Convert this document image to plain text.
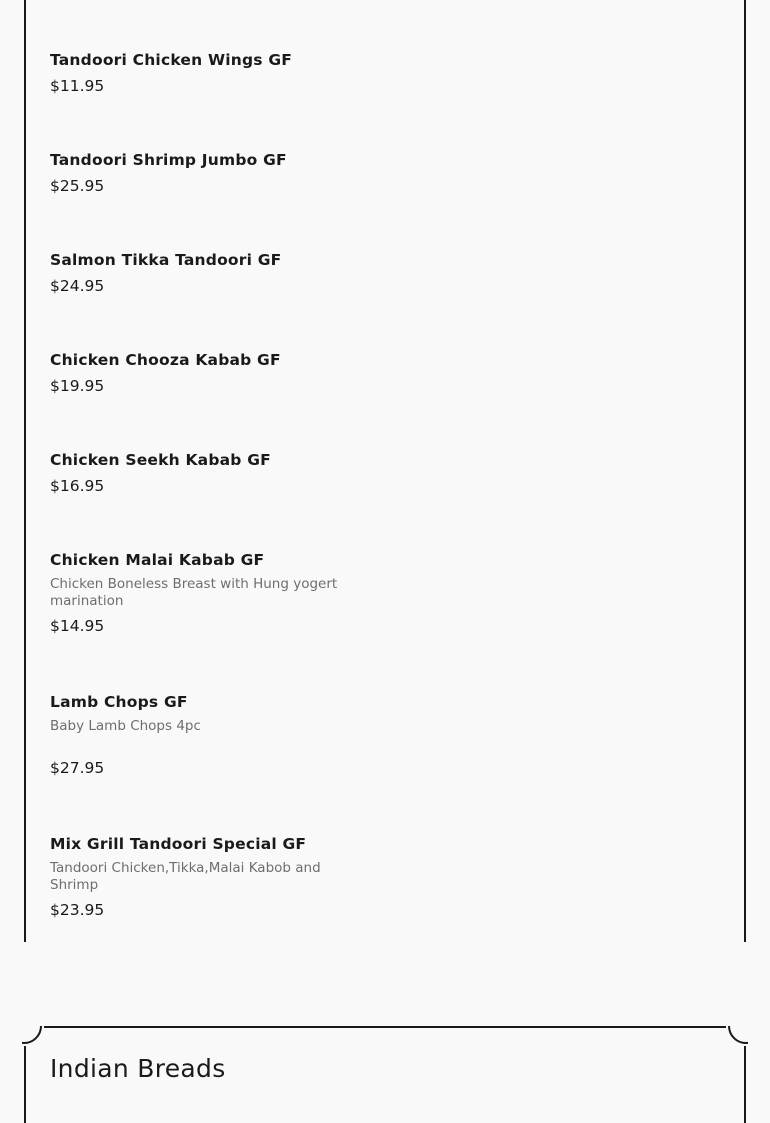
Tandoori Chicken Wings GF
$11.95
Tandoori Shrimp Jumbo GF
$25.95
Salmon Tikka Tandoori GF
$24.95
Chicken Chooza Kabab GF
$19.95
Chicken Seekh Kabab GF
$16.95
Chicken Malai Kabab GF
Chicken Boneless Breast with Hung yogert marination
$14.95
Lamb Chops GF
Baby Lamb Chops 4pc
$27.95
Mix Grill Tandoori Special GF
Tandoori Chicken,Tikka,Malai Kabob and Shrimp
$23.95
Indian Breads
